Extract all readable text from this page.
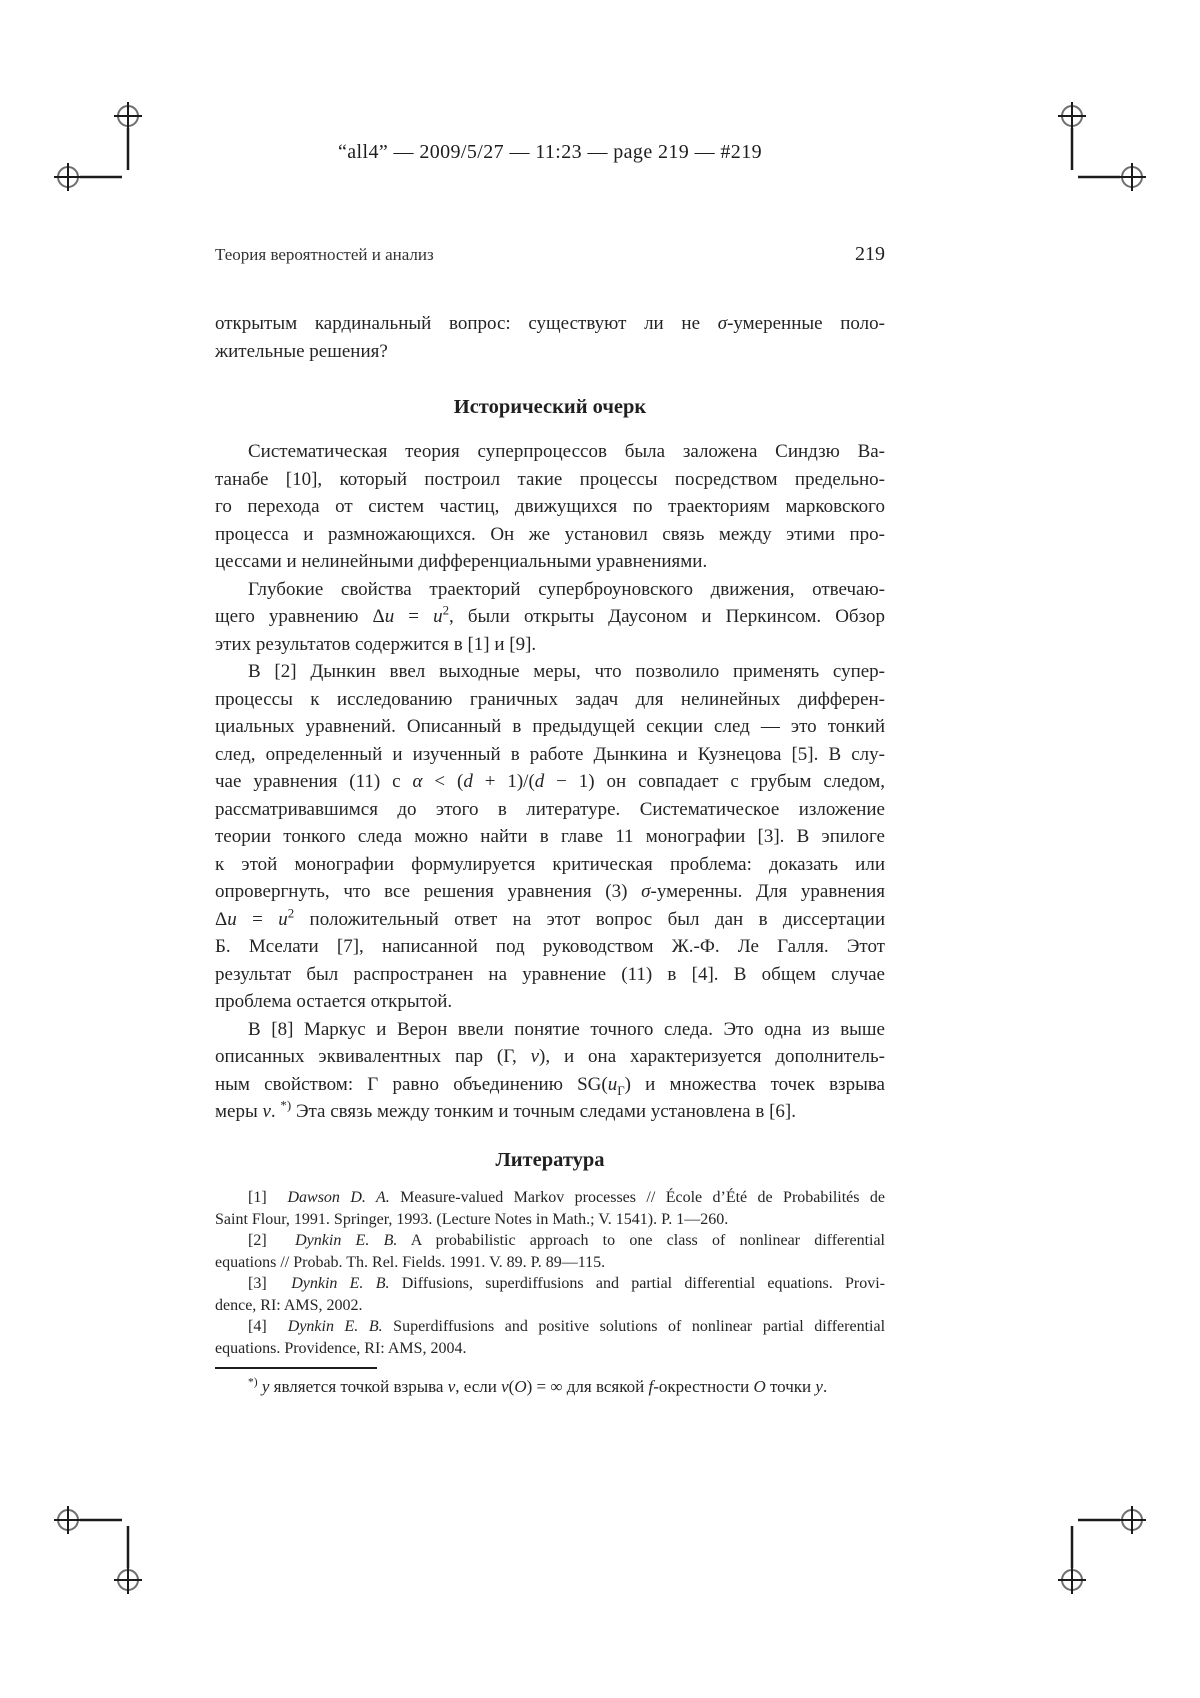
“all4” — 2009/5/27 — 11:23 — page 219 — #219
Теория вероятностей и анализ	219
открытым кардинальный вопрос: существуют ли не σ-умеренные поло-
жительные решения?
Исторический очерк
Систематическая теория суперпроцессов была заложена Синдзю Ва-
танабе [10], который построил такие процессы посредством предельно-
го перехода от систем частиц, движущихся по траекториям марковского
процесса и размножающихся. Он же установил связь между этими про-
цессами и нелинейными дифференциальными уравнениями.
Глубокие свойства траекторий суперброуновского движения, отвечаю-
щего уравнению $\Delta u = u^2$, были открыты Даусоном и Перкинсом. Обзор
этих результатов содержится в [1] и [9].
В [2] Дынкин ввел выходные меры, что позволило применять супер-
процессы к исследованию граничных задач для нелинейных дифферен-
циальных уравнений. Описанный в предыдущей секции след — это тонкий
след, определенный и изученный в работе Дынкина и Кузнецова [5]. В слу-
чае уравнения (11) с α < (d + 1)/(d − 1) он совпадает с грубым следом,
рассматривавшимся до этого в литературе. Систематическое изложение
теории тонкого следа можно найти в главе 11 монографии [3]. В эпилоге
к этой монографии формулируется критическая проблема: доказать или
опровергнуть, что все решения уравнения (3) σ-умеренны. Для уравнения
$\Delta u = u^2$ положительный ответ на этот вопрос был дан в диссертации
Б. Мселати [7], написанной под руководством Ж.-Ф. Ле Галля. Этот
результат был распространен на уравнение (11) в [4]. В общем случае
проблема остается открытой.
В [8] Маркус и Верон ввели понятие точного следа. Это одна из выше
описанных эквивалентных пар (Γ, ν), и она характеризуется дополнитель-
ным свойством: Γ равно объединению $SG(u_\Gamma)$ и множества точек взрыва
меры ν. *) Эта связь между тонким и точным следами установлена в [6].
Литература
[1]  Dawson D. A. Measure-valued Markov processes // École d’Été de Probabilités de
Saint Flour, 1991. Springer, 1993. (Lecture Notes in Math.; V. 1541). P. 1—260.
[2]  Dynkin E. B. A probabilistic approach to one class of nonlinear differential
equations // Probab. Th. Rel. Fields. 1991. V. 89. P. 89—115.
[3]  Dynkin E. B. Diffusions, superdiffusions and partial differential equations. Provi-
dence, RI: AMS, 2002.
[4]  Dynkin E. B. Superdiffusions and positive solutions of nonlinear partial differential
equations. Providence, RI: AMS, 2004.
*) y является точкой взрыва ν, если ν(O) = ∞ для всякой f-окрестности O точки y.
